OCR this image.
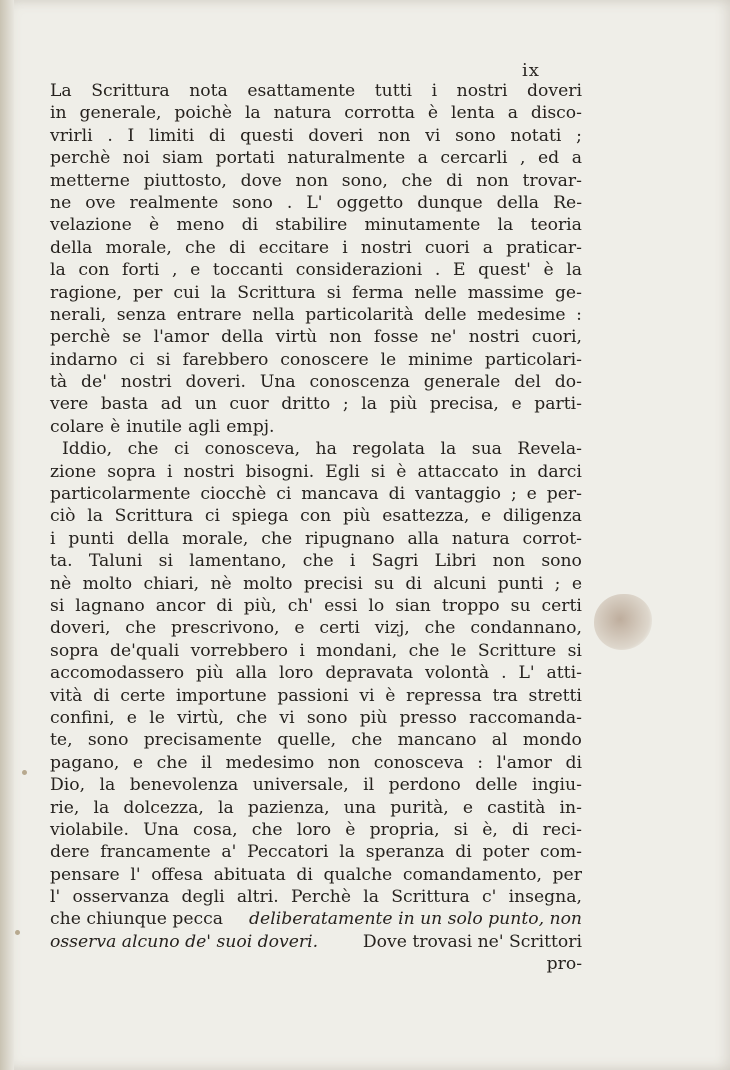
ix
La Scrittura nota esattamente tutti i nostri doveri
in generale, poichè la natura corrotta è lenta a disco-
vrirli . I limiti di questi doveri non vi sono notati ;
perchè noi siam portati naturalmente a cercarli , ed a
metterne piuttosto, dove non sono, che di non trovar-
ne ove realmente sono . L' oggetto dunque della Re-
velazione è meno di stabilire minutamente la teoria
della morale, che di eccitare i nostri cuori a praticar-
la con forti , e toccanti considerazioni . E quest' è la
ragione, per cui la Scrittura si ferma nelle massime ge-
nerali, senza entrare nella particolarità delle medesime :
perchè se l'amor della virtù non fosse ne' nostri cuori,
indarno ci si farebbero conoscere le minime particolari-
tà de' nostri doveri. Una conoscenza generale del do-
vere basta ad un cuor dritto ; la più precisa, e parti-
colare è inutile agli empj.
Iddio, che ci conosceva, ha regolata la sua Revela-
zione sopra i nostri bisogni. Egli si è attaccato in darci
particolarmente ciocchè ci mancava di vantaggio ; e per-
ciò la Scrittura ci spiega con più esattezza, e diligenza
i punti della morale, che ripugnano alla natura corrot-
ta. Taluni si lamentano, che i Sagri Libri non sono
nè molto chiari, nè molto precisi su di alcuni punti ; e
si lagnano ancor di più, ch' essi lo sian troppo su certi
doveri, che prescrivono, e certi vizj, che condannano,
sopra de'quali vorrebbero i mondani, che le Scritture si
accomodassero più alla loro depravata volontà . L' atti-
vità di certe importune passioni vi è repressa tra stretti
confini, e le virtù, che vi sono più presso raccomanda-
te, sono precisamente quelle, che mancano al mondo
pagano, e che il medesimo non conosceva : l'amor di
Dio, la benevolenza universale, il perdono delle ingiu-
rie, la dolcezza, la pazienza, una purità, e castità in-
violabile. Una cosa, che loro è propria, si è, di reci-
dere francamente a' Peccatori la speranza di poter com-
pensare l' offesa abituata di qualche comandamento, per
l' osservanza degli altri. Perchè la Scrittura c' insegna,
che chiunque pecca deliberatamente in un solo punto, non
osserva alcuno de' suoi doveri.	Dove trovasi ne' Scrittori
pro-
